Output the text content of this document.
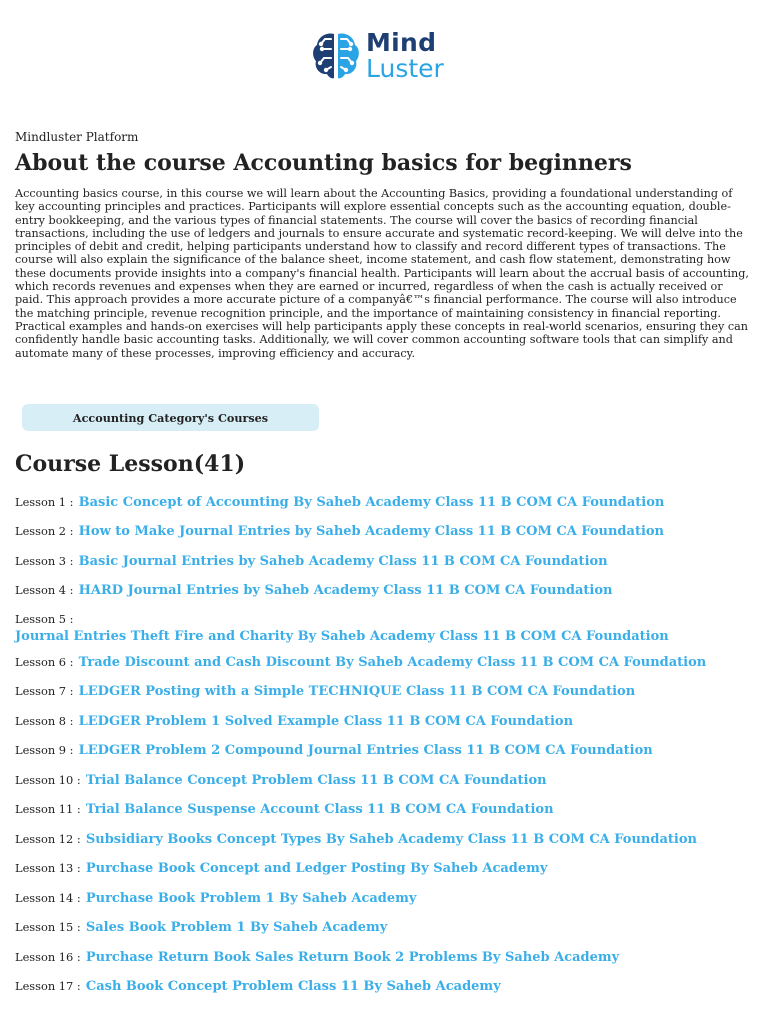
Mind
Luster
Mindluster Platform
About the course Accounting basics for beginners

Accounting basics course, in this course we will learn about the Accounting Basics, providing a foundational understanding of key accounting principles and practices. Participants will explore essential concepts such as the accounting equation, double-entry bookkeeping, and the various types of financial statements. The course will cover the basics of recording financial transactions, including the use of ledgers and journals to ensure accurate and systematic record-keeping. We will delve into the principles of debit and credit, helping participants understand how to classify and record different types of transactions. The course will also explain the significance of the balance sheet, income statement, and cash flow statement, demonstrating how these documents provide insights into a company's financial health. Participants will learn about the accrual basis of accounting, which records revenues and expenses when they are earned or incurred, regardless of when the cash is actually received or paid. This approach provides a more accurate picture of a companyâ€™s financial performance. The course will also introduce the matching principle, revenue recognition principle, and the importance of maintaining consistency in financial reporting. Practical examples and hands-on exercises will help participants apply these concepts in real-world scenarios, ensuring they can confidently handle basic accounting tasks. Additionally, we will cover common accounting software tools that can simplify and automate many of these processes, improving efficiency and accuracy.

Accounting Category's Courses
Course Lesson(41)
Lesson 1 : Basic Concept of Accounting By Saheb Academy Class 11 B COM CA Foundation
Lesson 2 : How to Make Journal Entries by Saheb Academy Class 11 B COM CA Foundation
Lesson 3 : Basic Journal Entries by Saheb Academy Class 11 B COM CA Foundation
Lesson 4 : HARD Journal Entries by Saheb Academy Class 11 B COM CA Foundation
Lesson 5 :
Journal Entries Theft Fire and Charity By Saheb Academy Class 11 B COM CA Foundation
Lesson 6 : Trade Discount and Cash Discount By Saheb Academy Class 11 B COM CA Foundation
Lesson 7 : LEDGER Posting with a Simple TECHNIQUE Class 11 B COM CA Foundation
Lesson 8 : LEDGER Problem 1 Solved Example Class 11 B COM CA Foundation
Lesson 9 : LEDGER Problem 2 Compound Journal Entries Class 11 B COM CA Foundation
Lesson 10 : Trial Balance Concept Problem Class 11 B COM CA Foundation
Lesson 11 : Trial Balance Suspense Account Class 11 B COM CA Foundation
Lesson 12 : Subsidiary Books Concept Types By Saheb Academy Class 11 B COM CA Foundation
Lesson 13 : Purchase Book Concept and Ledger Posting By Saheb Academy
Lesson 14 : Purchase Book Problem 1 By Saheb Academy
Lesson 15 : Sales Book Problem 1 By Saheb Academy
Lesson 16 : Purchase Return Book Sales Return Book 2 Problems By Saheb Academy
Lesson 17 : Cash Book Concept Problem Class 11 By Saheb Academy
